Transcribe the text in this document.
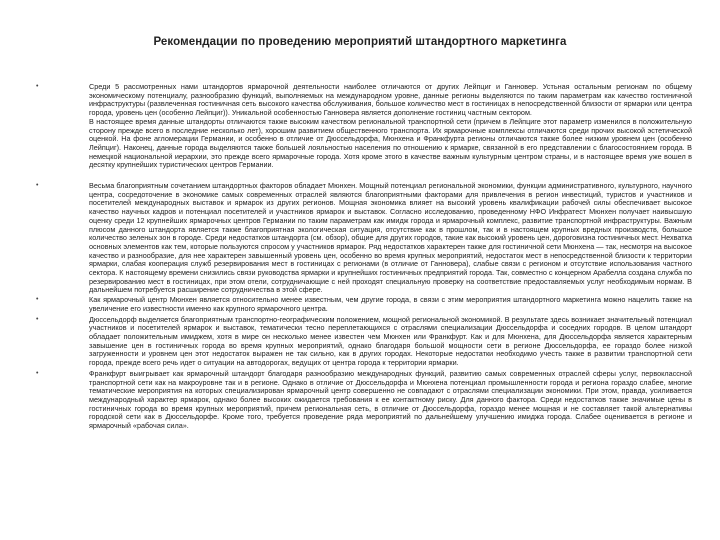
Рекомендации по проведению мероприятий штандортного маркетинга
•	Среди 5 рассмотренных нами штандортов ярмарочной деятельности наиболее отличаются от других Лейпциг и Ганновер. Устьная остальным регионам по общему экономическому потенциалу, разнообразию функций, выполняемых на международном уровне, данные регионы выделяются по таким параметрам как качество гостиничной инфраструктуры (развлеченная гостиничная сеть высокого качества обслуживания, большое количество мест в гостиницах в непосредственной близости от ярмарки или центра города, уровень цен (особенно Лейпциг)). Уникальной особенностью Ганновера является дополнение гостиниц частным сектором.

В настоящее время данные штандорты отличаются также высоким качеством региональной транспортной сети (причем в Лейпциге этот параметр изменился в положительную сторону прежде всего в последние несколько лет), хорошим развитием общественного транспорта. Их ярмарочные комплексы отличаются среди прочих высокой эстетической оценкой. На фоне агломерации Германии, и особенно в отличие от Дюссельдорфа, Мюнхена и Франкфурта регионы отличаются также более низким уровнем цен (особенно Лейпциг). Наконец, данные города выделяются также большей лояльностью населения по отношению к ярмарке, связанной в его представлении с благосостоянием города. В немецкой национальной иерархии, это прежде всего ярмарочные города. Хотя кроме этого в качестве важным культурным центром страны, и в настоящее время уже вошел в десятку крупнейших туристических центров Германии.

•	Весьма благоприятным сочетанием штандортных факторов обладает Мюнхен. Мощный потенциал региональной экономики, функции административного, культурного, научного центра, сосредоточение в экономике самых современных отраслей являются благоприятными факторами для привлечения в регион инвестиций, туристов и участников и посетителей международных выставок и ярмарок из других регионов. Мощная экономика влияет на высокий уровень квалификации рабочей силы обеспечивает высокое качество научных кадров и потенциал посетителей и участников ярмарок и выставок. Согласно исследованию, проведенному НФО Инфратест Мюнхен получает наивысшую оценку среди 12 крупнейших ярмарочных центров Германии по таким параметрам как имидж города и ярмарочный комплекс, развитие транспортной инфраструктуры. Важным плюсом данного штандорта является также благоприятная экологическая ситуация, отсутствие как в прошлом, так и в настоящем крупных вредных производств, большое количество зеленых зон в городе. Среди недостатков штандорта (см. обзор), общие для других городов, такие как высокий уровень цен, дороговизна гостиничных мест. Нехватка основных элементов как тем, которые пользуются спросом у участников ярмарок. Ряд недостатков характерен также для гостиничной сети Мюнхена — так, несмотря на высокое качество и разнообразие, для нее характерен завышенный уровень цен, особенно во время крупных мероприятий, недостаток мест в непосредственной близости к территории ярмарки, слабая кооперация служб резервирования мест в гостиницах с регионами (в отличие от Ганновера), слабые связи с регионом и отсутствие использования частного сектора. К настоящему времени снизились связи руководства ярмарки и крупнейших гостиничных предприятий города. Так, совместно с концерном Арабелла создана служба по резервированию мест в гостиницах, при этом отели, сотрудничающие с ней проходят специальную проверку на соответствие предоставляемых услуг необходимым нормам. В дальнейшем потребуется расширение сотрудничества в этой сфере.

•	Как ярмарочный центр Мюнхен является относительно менее известным, чем другие города, в связи с этим мероприятия штандортного маркетинга можно нацелить также на увеличение его известности именно как крупного ярмарочного центра.

•	Дюссельдорф выделяется благоприятным транспортно-географическим положением, мощной региональной экономикой. В результате здесь возникает значительный потенциал участников и посетителей ярмарок и выставок, тематически тесно переплетающихся с отраслями специализации Дюссельдорфа и соседних городов. В целом штандорт обладает положительным имиджем, хотя в мире он несколько менее известен чем Мюнхен или Франкфурт. Как и для Мюнхена, для Дюссельдорфа является характерным завышение цен в гостиничных города во время крупных мероприятий, однако благодаря большой мощности сети в регионе Дюссельдорфа, ее гораздо более низкой загруженности и уровнем цен этот недостаток выражен не так сильно, как в других городах. Некоторые недостатки необходимо учесть также в развитии транспортной сети города, прежде всего речь идет о ситуации на автодорогах, ведущих от центра города к территории ярмарки.

•	Франкфурт выигрывает как ярмарочный штандорт благодаря разнообразию международных функций, развитию самых современных отраслей сферы услуг, первоклассной транспортной сети как на макроуровне так и в регионе. Однако в отличие от Дюссельдорфа и Мюнхена потенциал промышленности города и региона гораздо слабее, многие тематические мероприятия на которых специализирован ярмарочный центр совершенно не совпадают с отраслями специализации экономики. При этом, правда, усиливается международный характер ярмарок, однако более высоких ожидается требования к ее контактному риску. Для данного фактора. Среди недостатков также значимые цены в гостиничных города во время крупных мероприятий, причем региональная сеть, в отличие от Дюссельдорфа, гораздо менее мощная и не составляет такой альтернативы городской сети как в Дюссельдорфе. Кроме того, требуется проведение ряда мероприятий по дальнейшему улучшению имиджа города. Слабее оценивается в регионе и ярмарочный «рабочая сила».
